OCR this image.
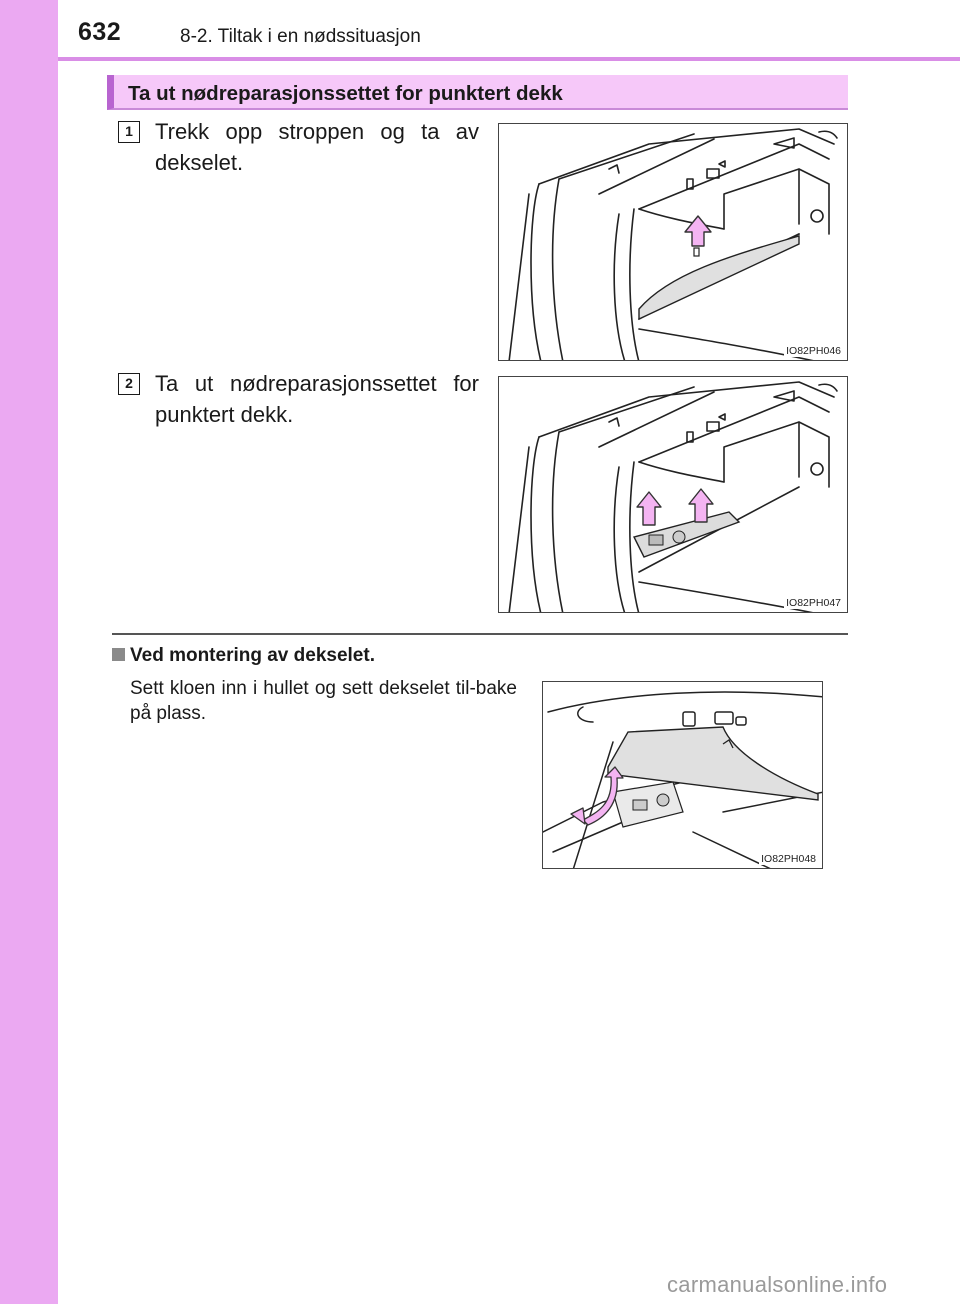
632	8-2. Tiltak i en nødssituasjon
Ta ut nødreparasjonssettet for punktert dekk
1	Trekk opp stroppen og ta av dekselet.
IO82PH046
2	Ta ut nødreparasjonssettet for punktert dekk.
IO82PH047
Ved montering av dekselet.
Sett kloen inn i hullet og sett dekselet til-bake på plass.
IO82PH048
carmanualsonline.info
